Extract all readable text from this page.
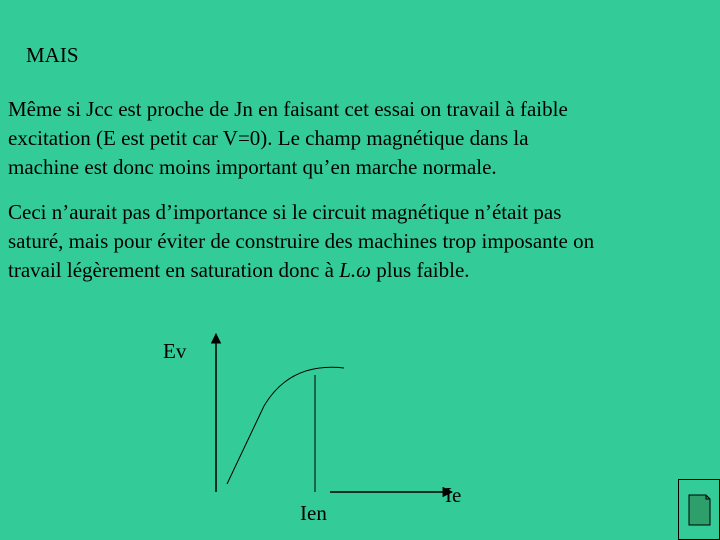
MAIS

Même si Jcc est proche de Jn en faisant cet essai on travail à faible
excitation (E est petit car V=0). Le champ magnétique dans la
machine est donc moins important qu’en marche normale.

Ceci n’aurait pas d’importance si le circuit magnétique n’était pas
saturé, mais pour éviter de construire des machines trop imposante on
travail légèrement en saturation donc à L.ω plus faible.

Ev
Ien
Ie
